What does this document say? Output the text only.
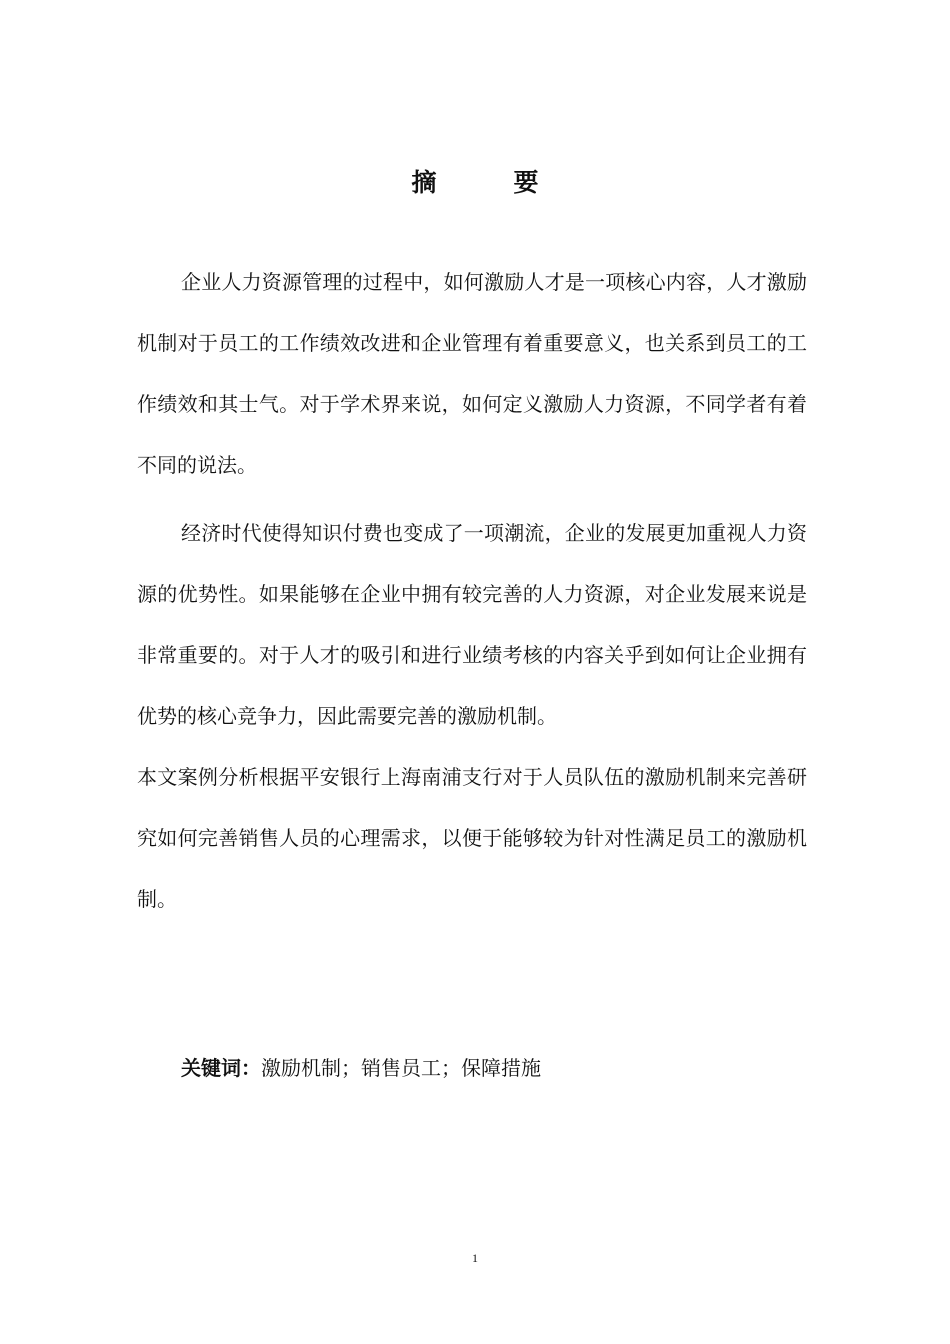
摘　要

企业人力资源管理的过程中，如何激励人才是一项核心内容，人才激励机制对于员工的工作绩效改进和企业管理有着重要意义，也关系到员工的工作绩效和其士气。对于学术界来说，如何定义激励人力资源，不同学者有着不同的说法。

经济时代使得知识付费也变成了一项潮流，企业的发展更加重视人力资源的优势性。如果能够在企业中拥有较完善的人力资源，对企业发展来说是非常重要的。对于人才的吸引和进行业绩考核的内容关乎到如何让企业拥有优势的核心竞争力，因此需要完善的激励机制。

本文案例分析根据平安银行上海南浦支行对于人员队伍的激励机制来完善研究如何完善销售人员的心理需求，以便于能够较为针对性满足员工的激励机制。

关键词：激励机制；销售员工；保障措施
1
